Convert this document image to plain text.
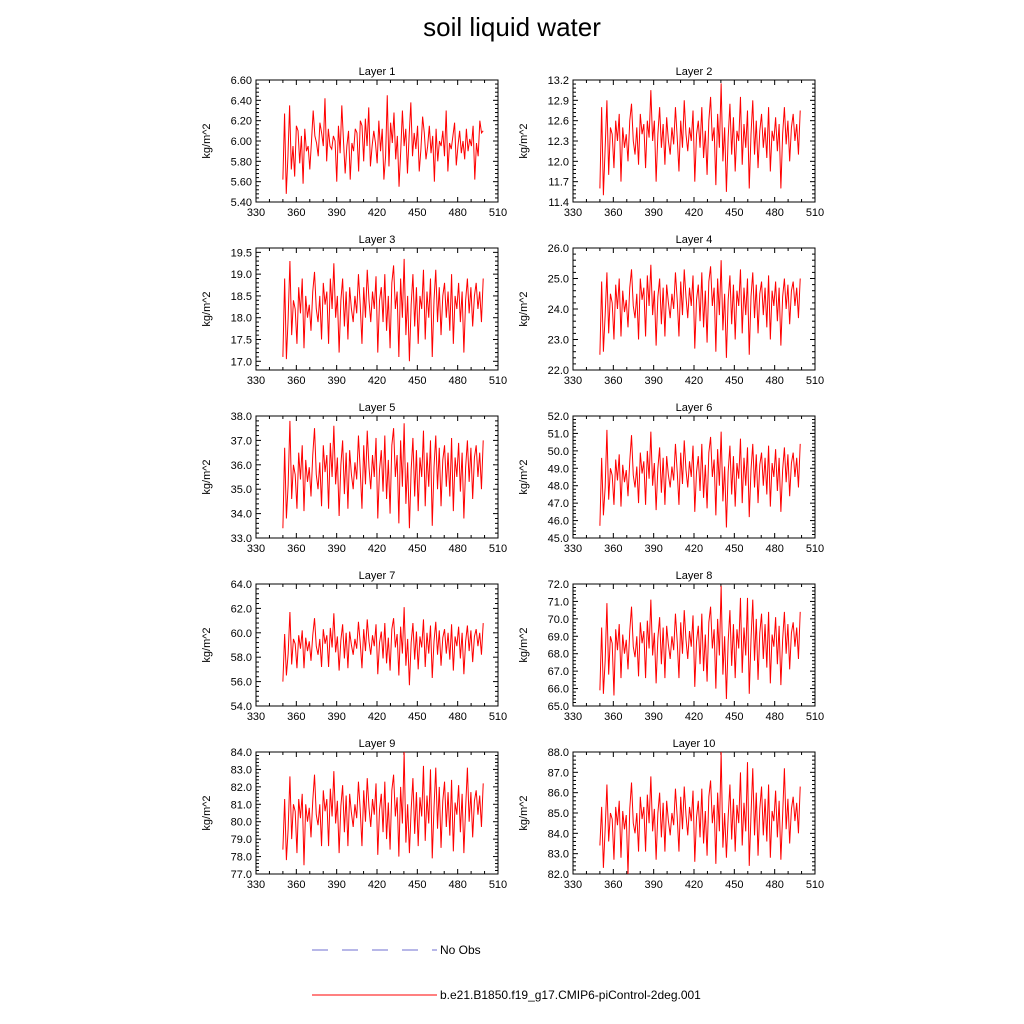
soil liquid water
Layer 1
kg/m^2
330 360 390 420 450 480 510
5.40
5.60
5.80
6.00
6.20
6.40
6.60
Layer 2
kg/m^2
330 360 390 420 450 480 510
11.4
11.7
12.0
12.3
12.6
12.9
13.2
Layer 3
kg/m^2
330 360 390 420 450 480 510
17.0
17.5
18.0
18.5
19.0
19.5
Layer 4
kg/m^2
330 360 390 420 450 480 510
22.0
23.0
24.0
25.0
26.0
Layer 5
kg/m^2
330 360 390 420 450 480 510
33.0
34.0
35.0
36.0
37.0
38.0
Layer 6
kg/m^2
330 360 390 420 450 480 510
45.0
46.0
47.0
48.0
49.0
50.0
51.0
52.0
Layer 7
kg/m^2
330 360 390 420 450 480 510
54.0
56.0
58.0
60.0
62.0
64.0
Layer 8
kg/m^2
330 360 390 420 450 480 510
65.0
66.0
67.0
68.0
69.0
70.0
71.0
72.0
Layer 9
kg/m^2
330 360 390 420 450 480 510
77.0
78.0
79.0
80.0
81.0
82.0
83.0
84.0
Layer 10
kg/m^2
330 360 390 420 450 480 510
82.0
83.0
84.0
85.0
86.0
87.0
88.0
No Obs
b.e21.B1850.f19_g17.CMIP6-piControl-2deg.001
